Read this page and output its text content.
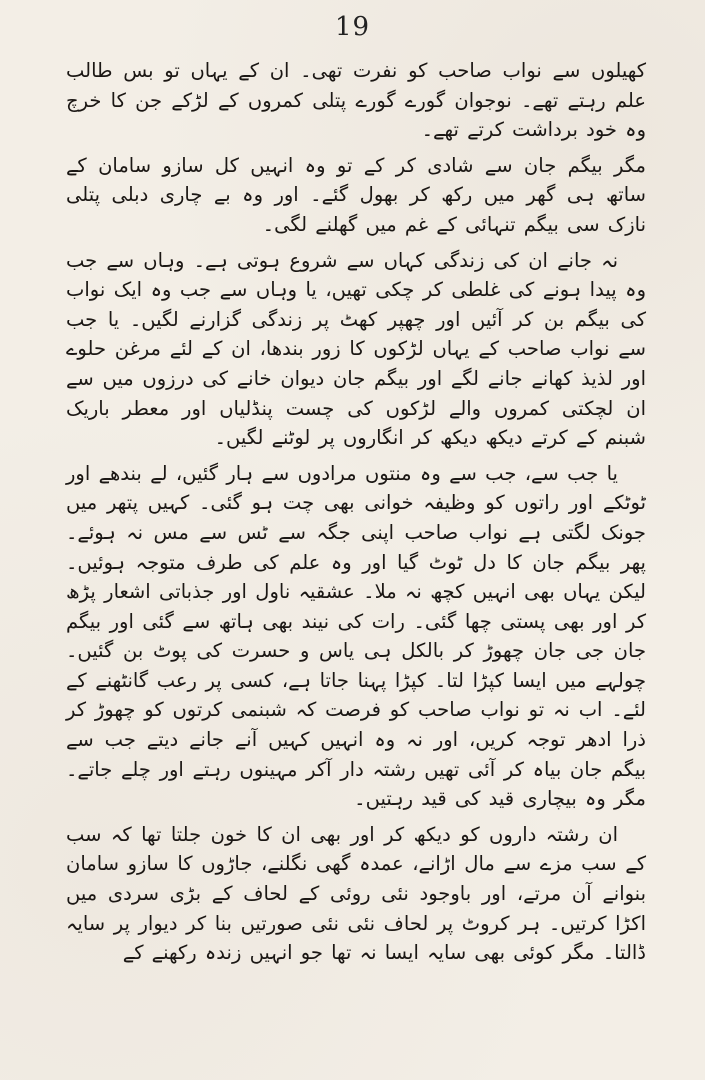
19

کھیلوں سے نواب صاحب کو نفرت تھی۔ ان کے یہاں تو بس طالب علم رہتے تھے۔ نوجوان گورے گورے پتلی کمروں کے لڑکے جن کا خرچ وہ خود برداشت کرتے تھے۔

مگر بیگم جان سے شادی کر کے تو وہ انہیں کل سازو سامان کے ساتھ ہی گھر میں رکھ کر بھول گئے۔ اور وہ بے چاری دبلی پتلی نازک سی بیگم تنہائی کے غم میں گھلنے لگی۔

نہ جانے ان کی زندگی کہاں سے شروع ہوتی ہے۔ وہاں سے جب وہ پیدا ہونے کی غلطی کر چکی تھیں، یا وہاں سے جب وہ ایک نواب کی بیگم بن کر آئیں اور چھپر کھٹ پر زندگی گزارنے لگیں۔ یا جب سے نواب صاحب کے یہاں لڑکوں کا زور بندھا، ان کے لئے مرغن حلوے اور لذیذ کھانے جانے لگے اور بیگم جان دیوان خانے کی درزوں میں سے ان لچکتی کمروں والے لڑکوں کی چست پنڈلیاں اور معطر باریک شبنم کے کرتے دیکھ دیکھ کر انگاروں پر لوٹنے لگیں۔

یا جب سے، جب سے وہ منتوں مرادوں سے ہار گئیں، لے بندھے اور ٹوٹکے اور راتوں کو وظیفہ خوانی بھی چت ہو گئی۔ کہیں پتھر میں جونک لگتی ہے نواب صاحب اپنی جگہ سے ٹس سے مس نہ ہوئے۔ پھر بیگم جان کا دل ٹوٹ گیا اور وہ علم کی طرف متوجہ ہوئیں۔ لیکن یہاں بھی انہیں کچھ نہ ملا۔ عشقیہ ناول اور جذباتی اشعار پڑھ کر اور بھی پستی چھا گئی۔ رات کی نیند بھی ہاتھ سے گئی اور بیگم جان جی جان چھوڑ کر بالکل ہی یاس و حسرت کی پوٹ بن گئیں۔ چولہے میں ایسا کپڑا لتا۔ کپڑا پہنا جاتا ہے، کسی پر رعب گانٹھنے کے لئے۔ اب نہ تو نواب صاحب کو فرصت کہ شبنمی کرتوں کو چھوڑ کر ذرا ادھر توجہ کریں، اور نہ وہ انہیں کہیں آنے جانے دیتے جب سے بیگم جان بیاہ کر آئی تھیں رشتہ دار آکر مہینوں رہتے اور چلے جاتے۔ مگر وہ بیچاری قید کی قید رہتیں۔

ان رشتہ داروں کو دیکھ کر اور بھی ان کا خون جلتا تھا کہ سب کے سب مزے سے مال اڑانے، عمدہ گھی نگلنے، جاڑوں کا سازو سامان بنوانے آن مرتے، اور باوجود نئی روئی کے لحاف کے بڑی سردی میں اکڑا کرتیں۔ ہر کروٹ پر لحاف نئی نئی صورتیں بنا کر دیوار پر سایہ ڈالتا۔ مگر کوئی بھی سایہ ایسا نہ تھا جو انہیں زندہ رکھنے کے
